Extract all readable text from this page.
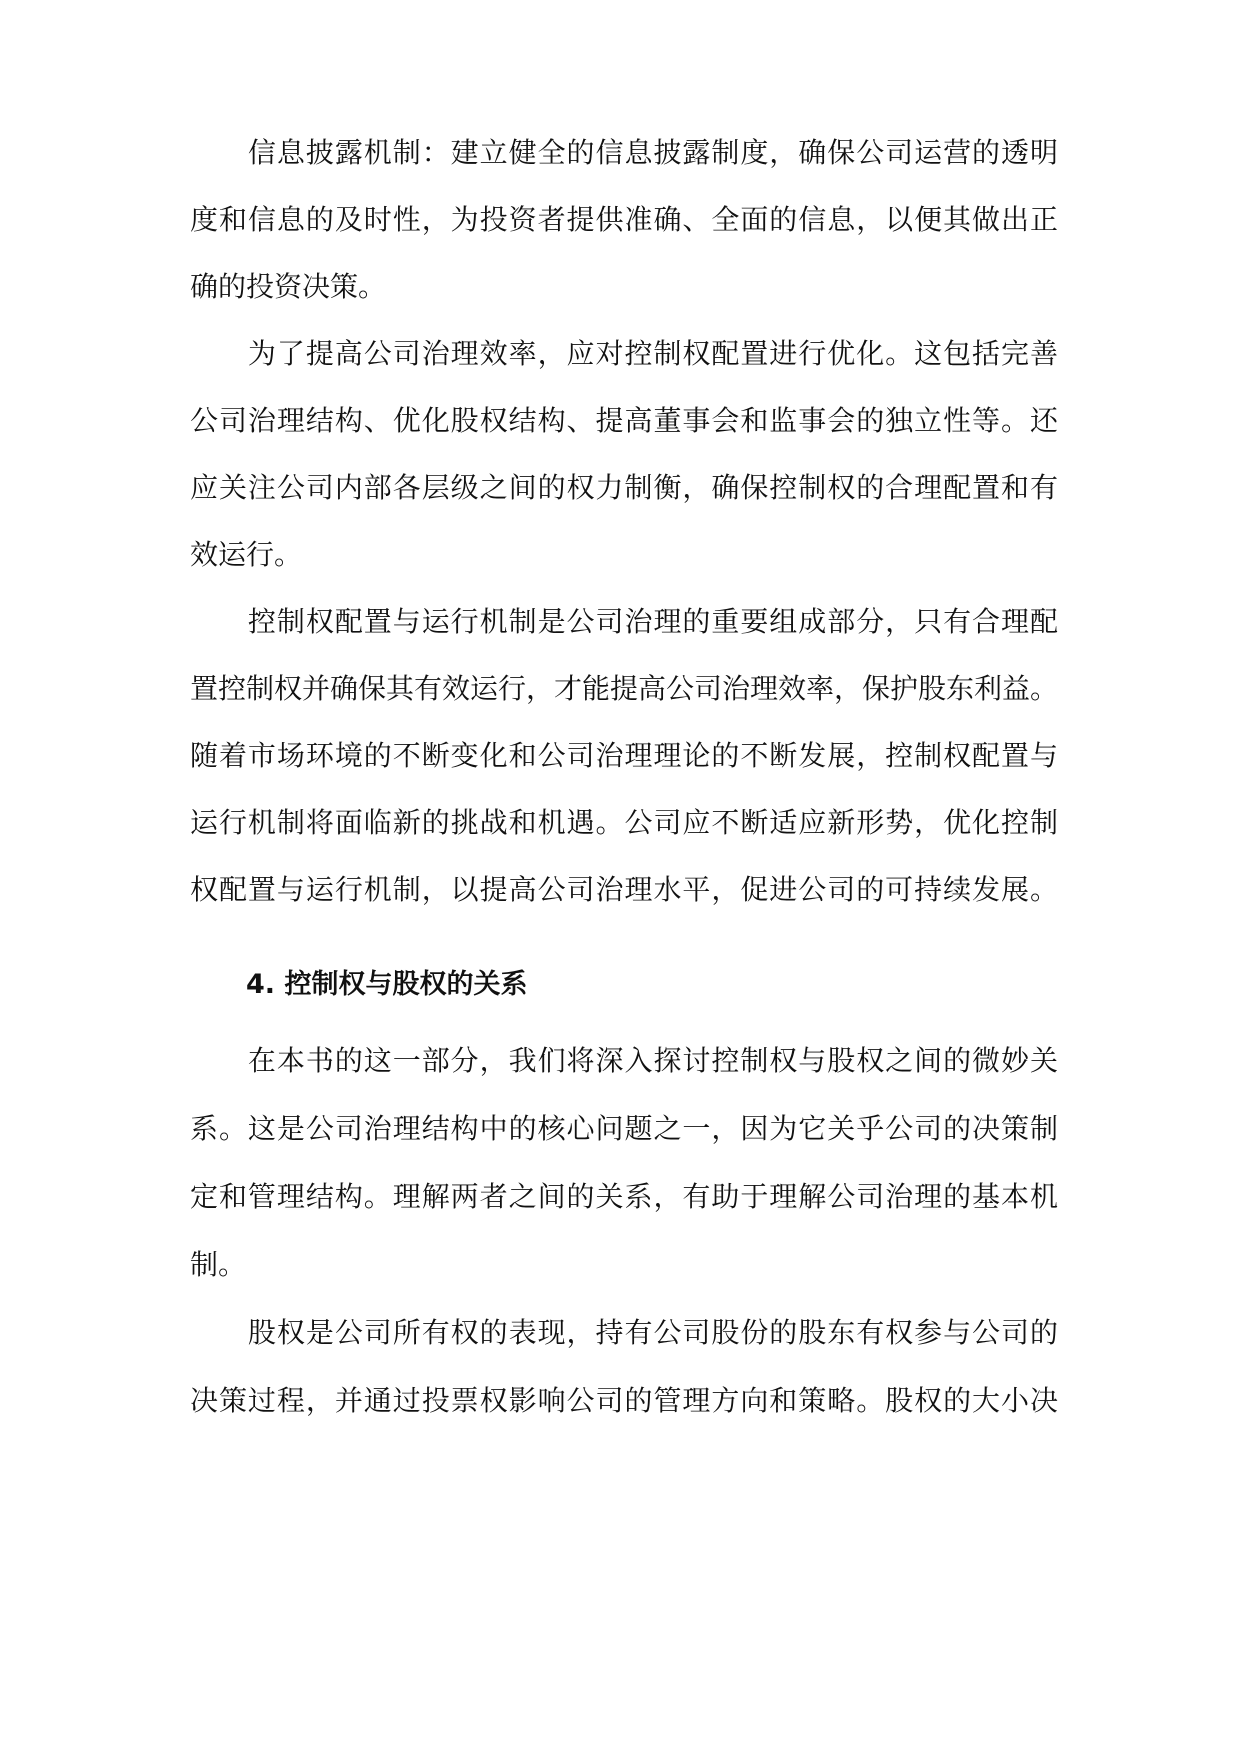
　　信息披露机制：建立健全的信息披露制度，确保公司运营的透明
度和信息的及时性，为投资者提供准确、全面的信息，以便其做出正
确的投资决策。
　　为了提高公司治理效率，应对控制权配置进行优化。这包括完善
公司治理结构、优化股权结构、提高董事会和监事会的独立性等。还
应关注公司内部各层级之间的权力制衡，确保控制权的合理配置和有
效运行。
　　控制权配置与运行机制是公司治理的重要组成部分，只有合理配
置控制权并确保其有效运行，才能提高公司治理效率，保护股东利益。
随着市场环境的不断变化和公司治理理论的不断发展，控制权配置与
运行机制将面临新的挑战和机遇。公司应不断适应新形势，优化控制
权配置与运行机制，以提高公司治理水平，促进公司的可持续发展。
4. 控制权与股权的关系
　　在本书的这一部分，我们将深入探讨控制权与股权之间的微妙关
系。这是公司治理结构中的核心问题之一，因为它关乎公司的决策制
定和管理结构。理解两者之间的关系，有助于理解公司治理的基本机
制。
　　股权是公司所有权的表现，持有公司股份的股东有权参与公司的
决策过程，并通过投票权影响公司的管理方向和策略。股权的大小决
